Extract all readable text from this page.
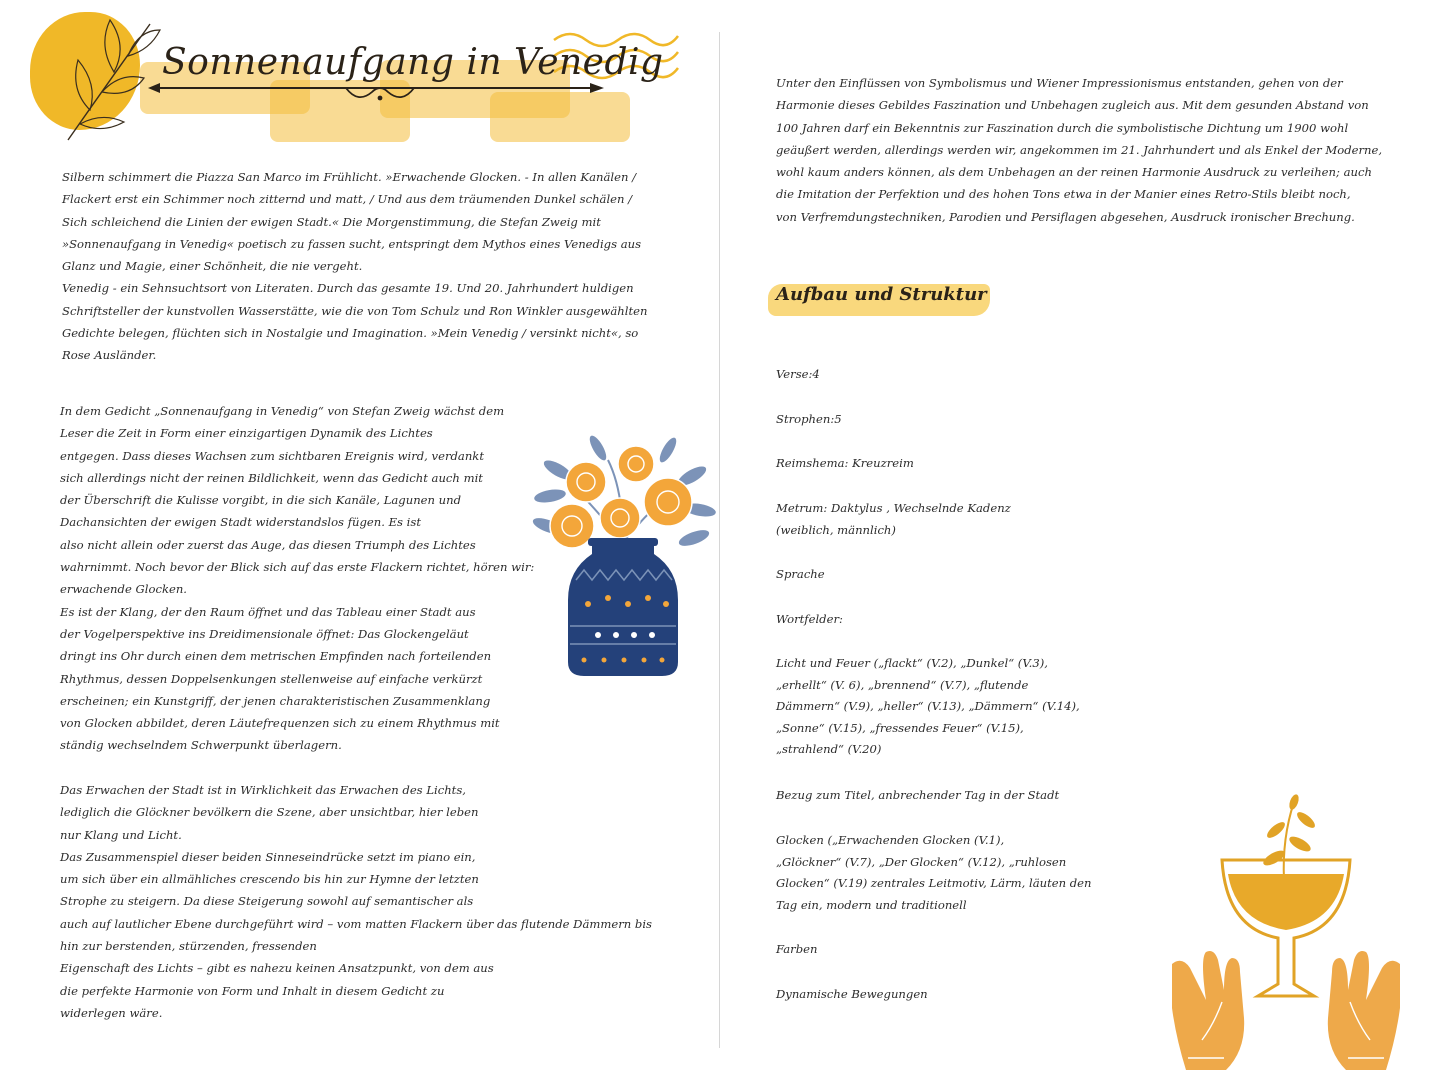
Sonnenaufgang in Venedig
Silbern schimmert die Piazza San Marco im Frühlicht. »Erwachende Glocken. - In allen Kanälen /
Flackert erst ein Schimmer noch zitternd und matt, / Und aus dem träumenden Dunkel schälen /
Sich schleichend die Linien der ewigen Stadt.« Die Morgenstimmung, die Stefan Zweig mit
»Sonnenaufgang in Venedig« poetisch zu fassen sucht, entspringt dem Mythos eines Venedigs aus
Glanz und Magie, einer Schönheit, die nie vergeht.
Venedig - ein Sehnsuchtsort von Literaten. Durch das gesamte 19. Und 20. Jahrhundert huldigen
Schriftsteller der kunstvollen Wasserstätte, wie die von Tom Schulz und Ron Winkler ausgewählten
Gedichte belegen, flüchten sich in Nostalgie und Imagination. »Mein Venedig / versinkt nicht«, so
Rose Ausländer.
In dem Gedicht „Sonnenaufgang in Venedig“ von Stefan Zweig wächst dem
Leser die Zeit in Form einer einzigartigen Dynamik des Lichtes
entgegen. Dass dieses Wachsen zum sichtbaren Ereignis wird, verdankt
sich allerdings nicht der reinen Bildlichkeit, wenn das Gedicht auch mit
der Überschrift die Kulisse vorgibt, in die sich Kanäle, Lagunen und
Dachansichten der ewigen Stadt widerstandslos fügen. Es ist
also nicht allein oder zuerst das Auge, das diesen Triumph des Lichtes
wahrnimmt. Noch bevor der Blick sich auf das erste Flackern richtet, hören wir:
erwachende Glocken.
Es ist der Klang, der den Raum öffnet und das Tableau einer Stadt aus
der Vogelperspektive ins Dreidimensionale öffnet: Das Glockengeläut
dringt ins Ohr durch einen dem metrischen Empfinden nach forteilenden
Rhythmus, dessen Doppelsenkungen stellenweise auf einfache verkürzt
erscheinen; ein Kunstgriff, der jenen charakteristischen Zusammenklang
von Glocken abbildet, deren Läutefrequenzen sich zu einem Rhythmus mit
ständig wechselndem Schwerpunkt überlagern.
Das Erwachen der Stadt ist in Wirklichkeit das Erwachen des Lichts,
lediglich die Glöckner bevölkern die Szene, aber unsichtbar, hier leben
nur Klang und Licht.
Das Zusammenspiel dieser beiden Sinneseindrücke setzt im piano ein,
um sich über ein allmähliches crescendo bis hin zur Hymne der letzten
Strophe zu steigern. Da diese Steigerung sowohl auf semantischer als
auch auf lautlicher Ebene durchgeführt wird – vom matten Flackern über das flutende Dämmern bis
hin zur berstenden, stürzenden, fressenden
Eigenschaft des Lichts – gibt es nahezu keinen Ansatzpunkt, von dem aus
die perfekte Harmonie von Form und Inhalt in diesem Gedicht zu
widerlegen wäre.
Unter den Einflüssen von Symbolismus und Wiener Impressionismus entstanden, gehen von der
Harmonie dieses Gebildes Faszination und Unbehagen zugleich aus. Mit dem gesunden Abstand von
100 Jahren darf ein Bekenntnis zur Faszination durch die symbolistische Dichtung um 1900 wohl
geäußert werden, allerdings werden wir, angekommen im 21. Jahrhundert und als Enkel der Moderne,
wohl kaum anders können, als dem Unbehagen an der reinen Harmonie Ausdruck zu verleihen; auch
die Imitation der Perfektion und des hohen Tons etwa in der Manier eines Retro-Stils bleibt noch,
von Verfremdungstechniken, Parodien und Persiflagen abgesehen, Ausdruck ironischer Brechung.
Aufbau und Struktur

Verse:4

Strophen:5

Reimshema: Kreuzreim

Metrum: Daktylus , Wechselnde Kadenz
(weiblich, männlich)

Sprache

Wortfelder:

Licht und Feuer („flackt“ (V.2), „Dunkel“ (V.3),
„erhellt“ (V. 6), „brennend“ (V.7), „flutende
Dämmern“ (V.9), „heller“ (V.13), „Dämmern“ (V.14),
„Sonne“ (V.15), „fressendes Feuer“ (V.15),
„strahlend“ (V.20)

Bezug zum Titel, anbrechender Tag in der Stadt

Glocken („Erwachenden Glocken (V.1),
„Glöckner“ (V.7), „Der Glocken“ (V.12), „ruhlosen
Glocken“ (V.19) zentrales Leitmotiv, Lärm, läuten den
Tag ein, modern und traditionell

Farben

Dynamische Bewegungen
